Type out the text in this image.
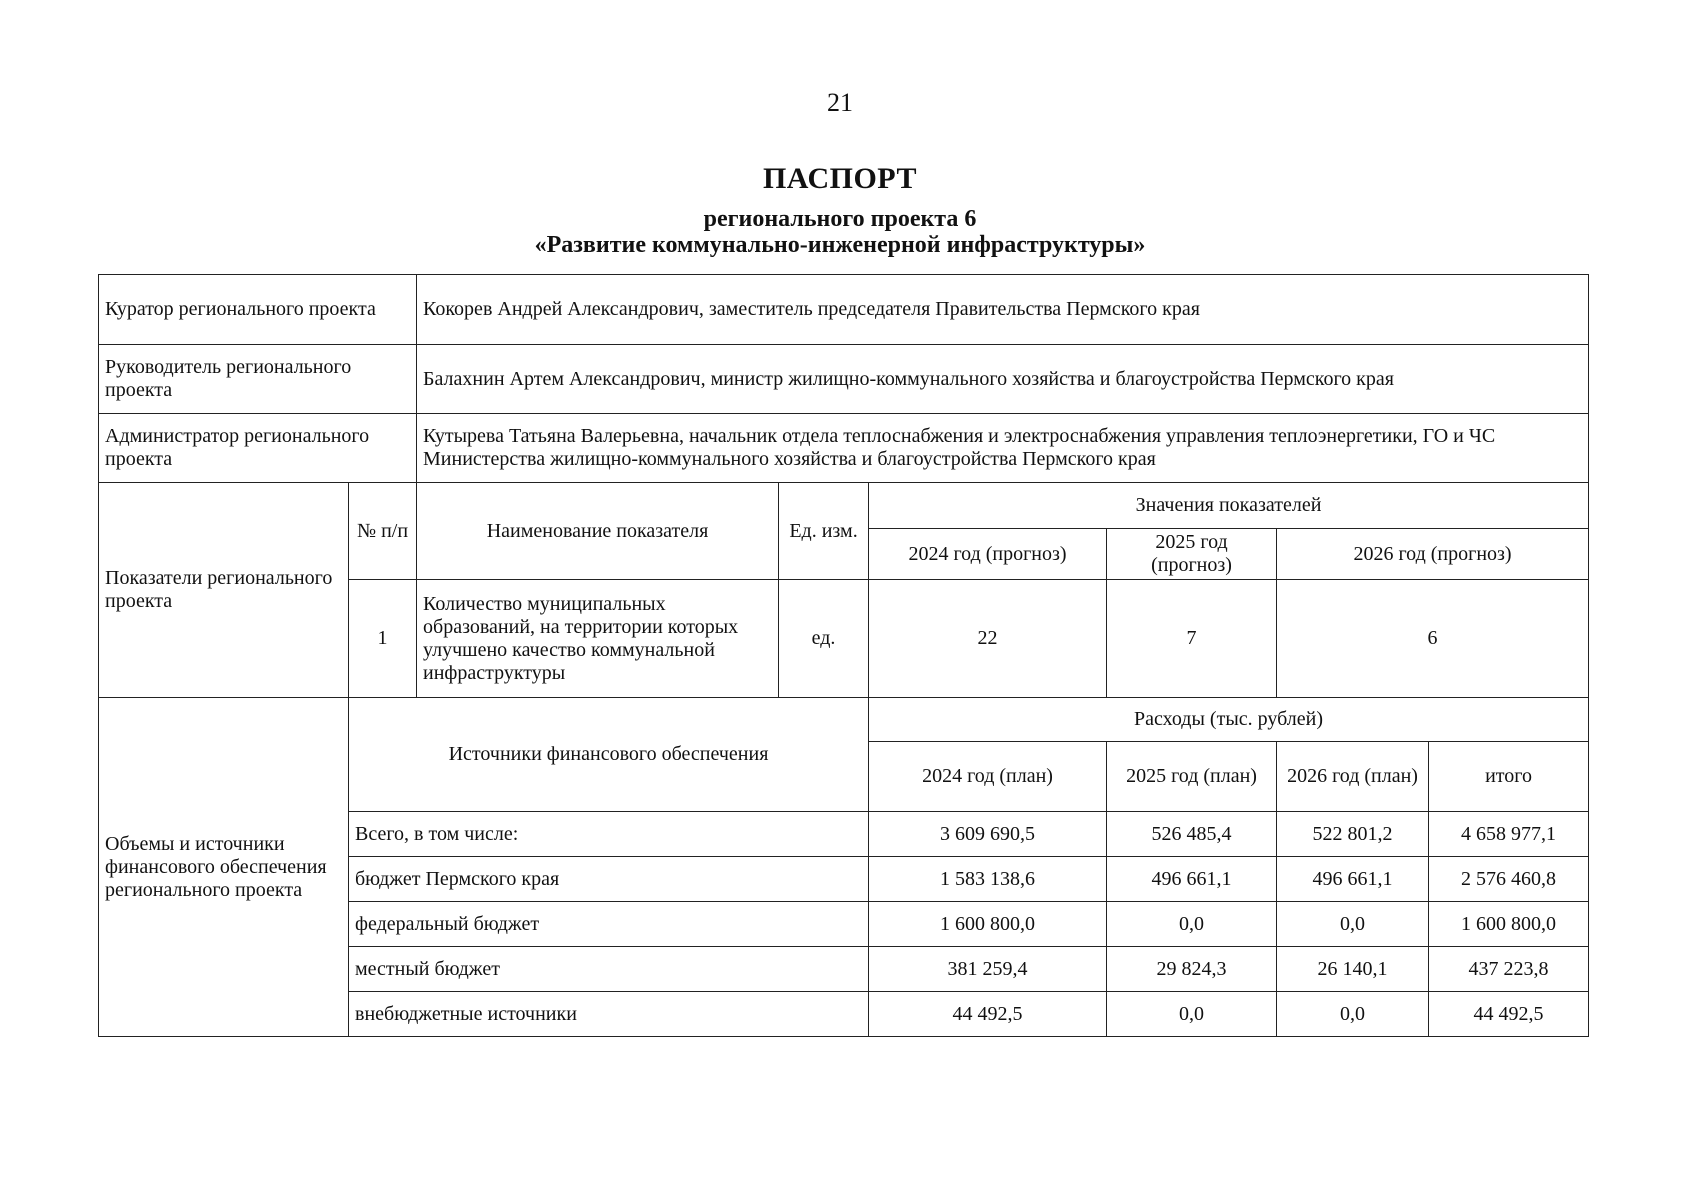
21
ПАСПОРТ
регионального проекта 6
«Развитие коммунально-инженерной инфраструктуры»
Куратор регионального проекта		Кокорев Андрей Александрович, заместитель председателя Правительства Пермского края					
Руководитель регионального проекта		Балахнин Артем Александрович, министр жилищно-коммунального хозяйства и благоустройства Пермского края					
Администратор регионального проекта		Кутырева Татьяна Валерьевна, начальник отдела теплоснабжения и электроснабжения управления теплоэнергетики, ГО и ЧС Министерства жилищно-коммунального хозяйства и благоустройства Пермского края					
Показатели регионального проекта	№ п/п	Наименование показателя	Ед. изм.	Значения показателей			
				2024 год (прогноз)	2025 год (прогноз)	2026 год (прогноз)	
	1	Количество муниципальных образований, на территории которых улучшено качество коммунальной инфраструктуры	ед.	22	7	6	
Объемы и источники финансового обеспечения регионального проекта	Источники финансового обеспечения			Расходы (тыс. рублей)			
				2024 год (план)	2025 год (план)	2026 год (план)	итого
	Всего, в том числе:			3 609 690,5	526 485,4	522 801,2	4 658 977,1
	бюджет Пермского края			1 583 138,6	496 661,1	496 661,1	2 576 460,8
	федеральный бюджет			1 600 800,0	0,0	0,0	1 600 800,0
	местный бюджет			381 259,4	29 824,3	26 140,1	437 223,8
	внебюджетные источники			44 492,5	0,0	0,0	44 492,5
